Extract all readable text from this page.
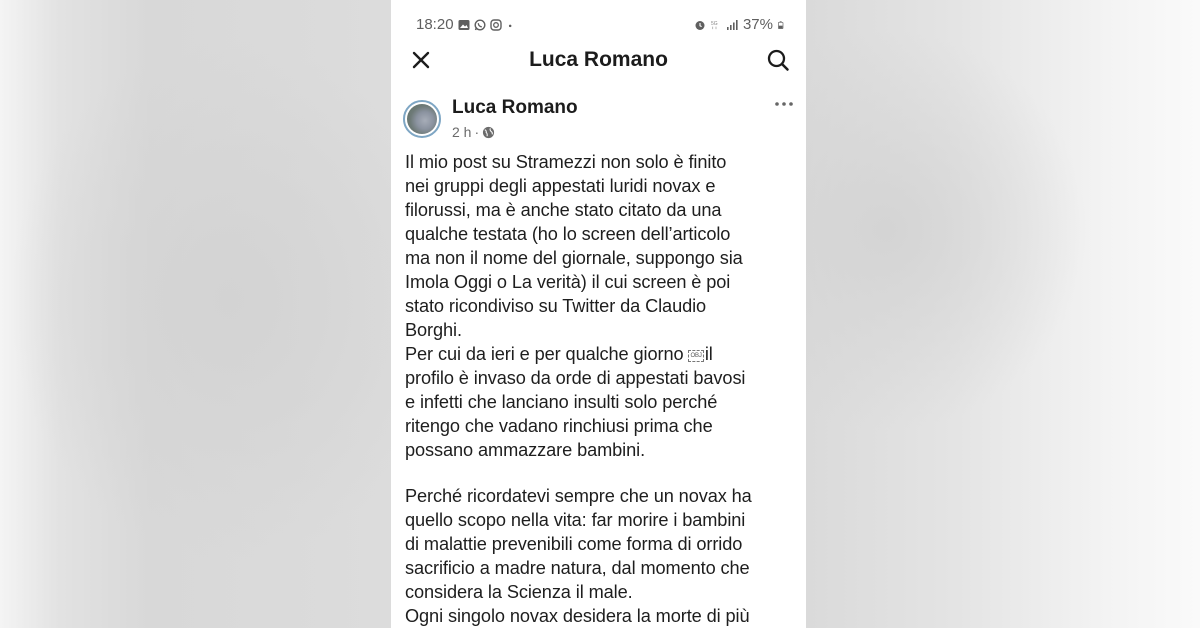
18:20	5G 37%
Luca Romano
Luca Romano
2 h ·

Il mio post su Stramezzi non solo è finito

nei gruppi degli appestati luridi novax e

filorussi, ma è anche stato citato da una

qualche testata (ho lo screen dell’articolo

ma non il nome del giornale, suppongo sia

Imola Oggi o La verità) il cui screen è poi

stato ricondiviso su Twitter da Claudio

Borghi.

Per cui da ieri e per qualche giorno OBJ il

profilo è invaso da orde di appestati bavosi

e infetti che lanciano insulti solo perché

ritengo che vadano rinchiusi prima che

possano ammazzare bambini.

Perché ricordatevi sempre che un novax ha

quello scopo nella vita: far morire i bambini

di malattie prevenibili come forma di orrido

sacrificio a madre natura, dal momento che

considera la Scienza il male.

Ogni singolo novax desidera la morte di più
